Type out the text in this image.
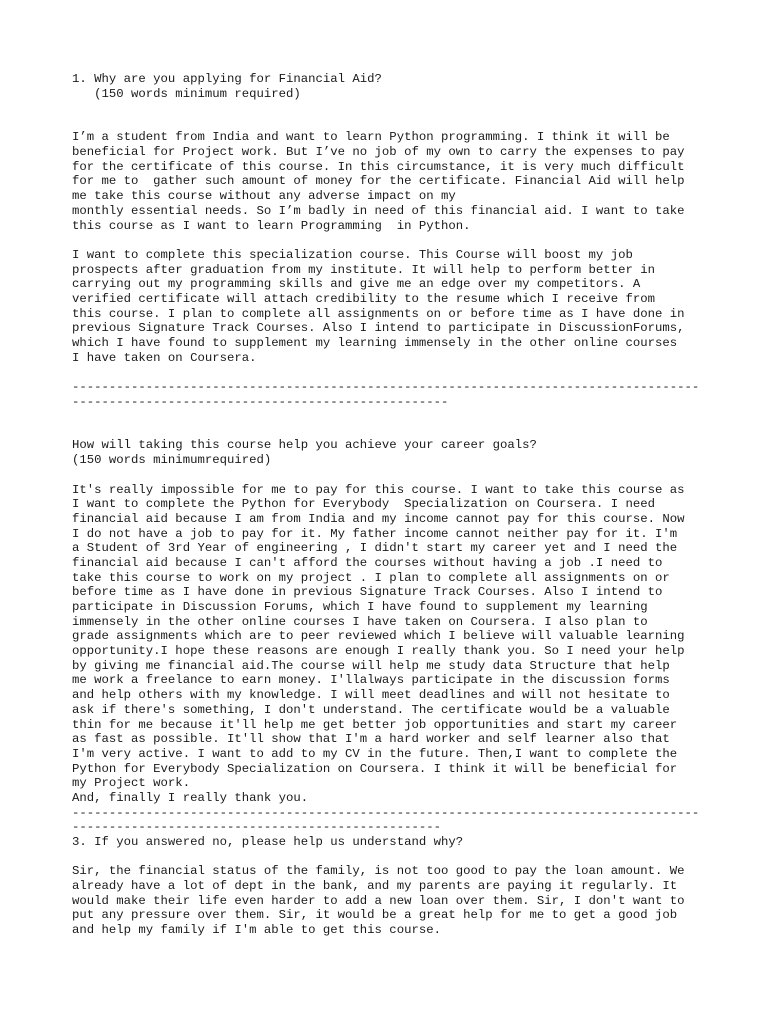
1. Why are you applying for Financial Aid?
(150 words minimum required)
I’m a student from India and want to learn Python programming. I think it will be
beneficial for Project work. But I’ve no job of my own to carry the expenses to pay
for the certificate of this course. In this circumstance, it is very much difficult
for me to  gather such amount of money for the certificate. Financial Aid will help
me take this course without any adverse impact on my
monthly essential needs. So I’m badly in need of this financial aid. I want to take
this course as I want to learn Programming  in Python.
I want to complete this specialization course. This Course will boost my job
prospects after graduation from my institute. It will help to perform better in
carrying out my programming skills and give me an edge over my competitors. A
verified certificate will attach credibility to the resume which I receive from
this course. I plan to complete all assignments on or before time as I have done in
previous Signature Track Courses. Also I intend to participate in DiscussionForums,
which I have found to supplement my learning immensely in the other online courses
I have taken on Coursera.
-------------------------------------------------------------------------------------
---------------------------------------------------
How will taking this course help you achieve your career goals?
(150 words minimumrequired)
It's really impossible for me to pay for this course. I want to take this course as
I want to complete the Python for Everybody  Specialization on Coursera. I need
financial aid because I am from India and my income cannot pay for this course. Now
I do not have a job to pay for it. My father income cannot neither pay for it. I'm
a Student of 3rd Year of engineering , I didn't start my career yet and I need the
financial aid because I can't afford the courses without having a job .I need to
take this course to work on my project . I plan to complete all assignments on or
before time as I have done in previous Signature Track Courses. Also I intend to
participate in Discussion Forums, which I have found to supplement my learning
immensely in the other online courses I have taken on Coursera. I also plan to
grade assignments which are to peer reviewed which I believe will valuable learning
opportunity.I hope these reasons are enough I really thank you. So I need your help
by giving me financial aid.The course will help me study data Structure that help
me work a freelance to earn money. I'llalways participate in the discussion forms
and help others with my knowledge. I will meet deadlines and will not hesitate to
ask if there's something, I don't understand. The certificate would be a valuable
thin for me because it'll help me get better job opportunities and start my career
as fast as possible. It'll show that I'm a hard worker and self learner also that
I'm very active. I want to add to my CV in the future. Then,I want to complete the
Python for Everybody Specialization on Coursera. I think it will be beneficial for
my Project work.
And, finally I really thank you.
-------------------------------------------------------------------------------------
--------------------------------------------------
3. If you answered no, please help us understand why?
Sir, the financial status of the family, is not too good to pay the loan amount. We
already have a lot of dept in the bank, and my parents are paying it regularly. It
would make their life even harder to add a new loan over them. Sir, I don't want to
put any pressure over them. Sir, it would be a great help for me to get a good job
and help my family if I'm able to get this course.
